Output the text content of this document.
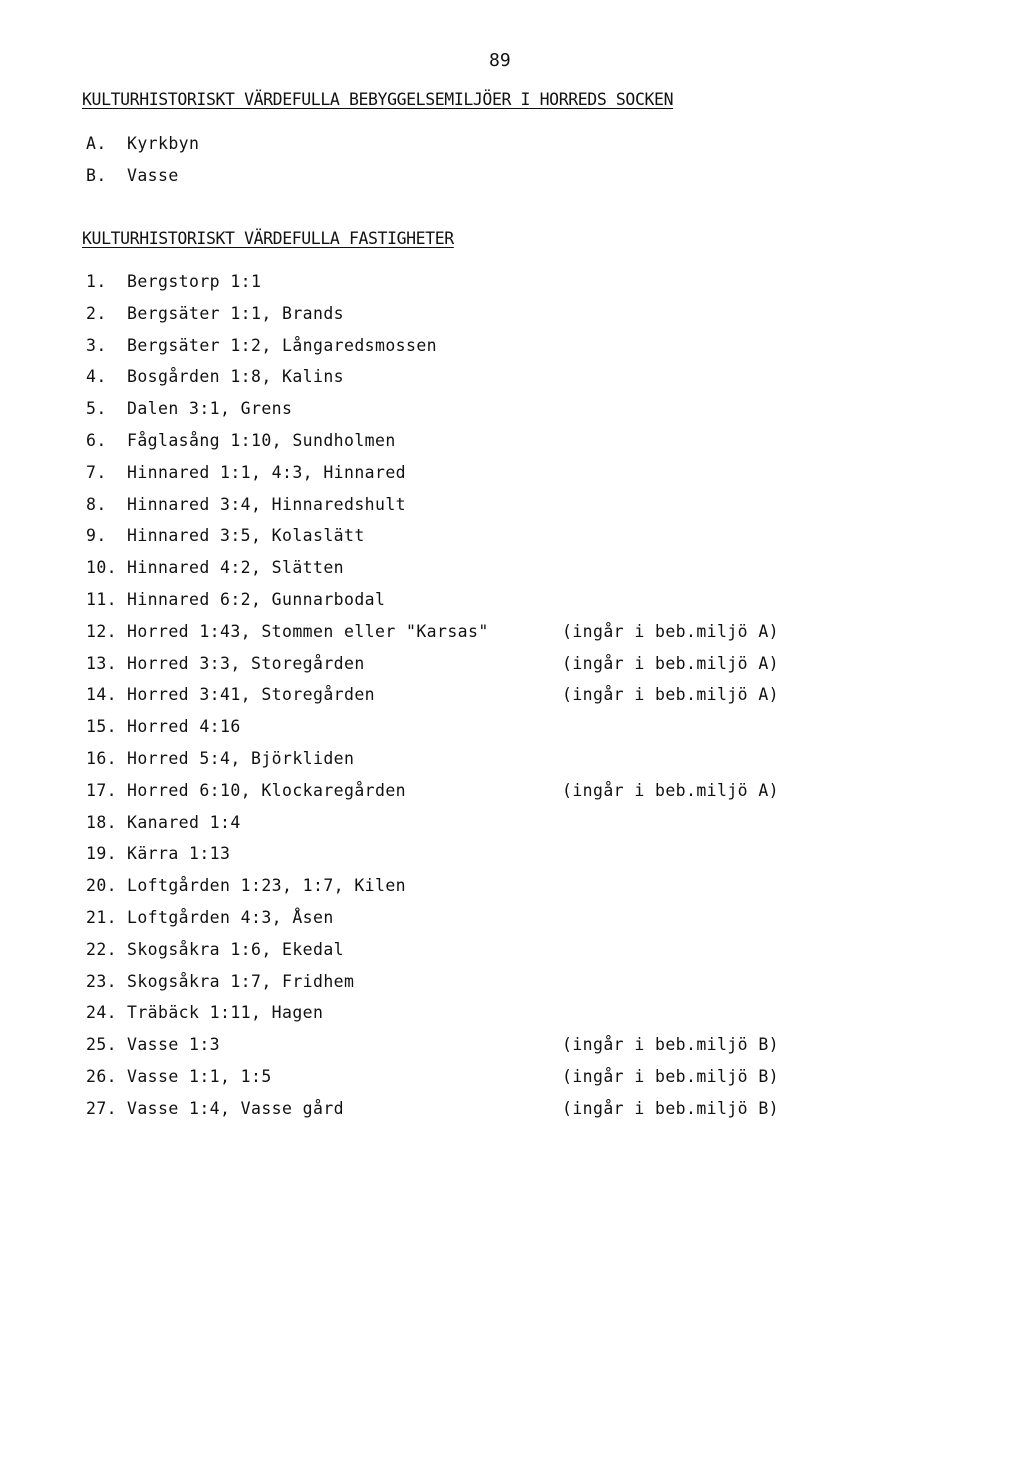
89
KULTURHISTORISKT VÄRDEFULLA BEBYGGELSEMILJÖER I HORREDS SOCKEN
A. Kyrkbyn
B. Vasse
KULTURHISTORISKT VÄRDEFULLA FASTIGHETER
1. Bergstorp 1:1
2. Bergsäter 1:1, Brands
3. Bergsäter 1:2, Långaredsmossen
4. Bosgården 1:8, Kalins
5. Dalen 3:1, Grens
6. Fåglasång 1:10, Sundholmen
7. Hinnared 1:1, 4:3, Hinnared
8. Hinnared 3:4, Hinnaredshult
9. Hinnared 3:5, Kolaslätt
10. Hinnared 4:2, Slätten
11. Hinnared 6:2, Gunnarbodal
12. Horred 1:43, Stommen eller "Karsas"	(ingår i beb.miljö A)
13. Horred 3:3, Storegården	(ingår i beb.miljö A)
14. Horred 3:41, Storegården	(ingår i beb.miljö A)
15. Horred 4:16
16. Horred 5:4, Björkliden
17. Horred 6:10, Klockaregården	(ingår i beb.miljö A)
18. Kanared 1:4
19. Kärra 1:13
20. Loftgården 1:23, 1:7, Kilen
21. Loftgården 4:3, Åsen
22. Skogsåkra 1:6, Ekedal
23. Skogsåkra 1:7, Fridhem
24. Träbäck 1:11, Hagen
25. Vasse 1:3	(ingår i beb.miljö B)
26. Vasse 1:1, 1:5	(ingår i beb.miljö B)
27. Vasse 1:4, Vasse gård	(ingår i beb.miljö B)
